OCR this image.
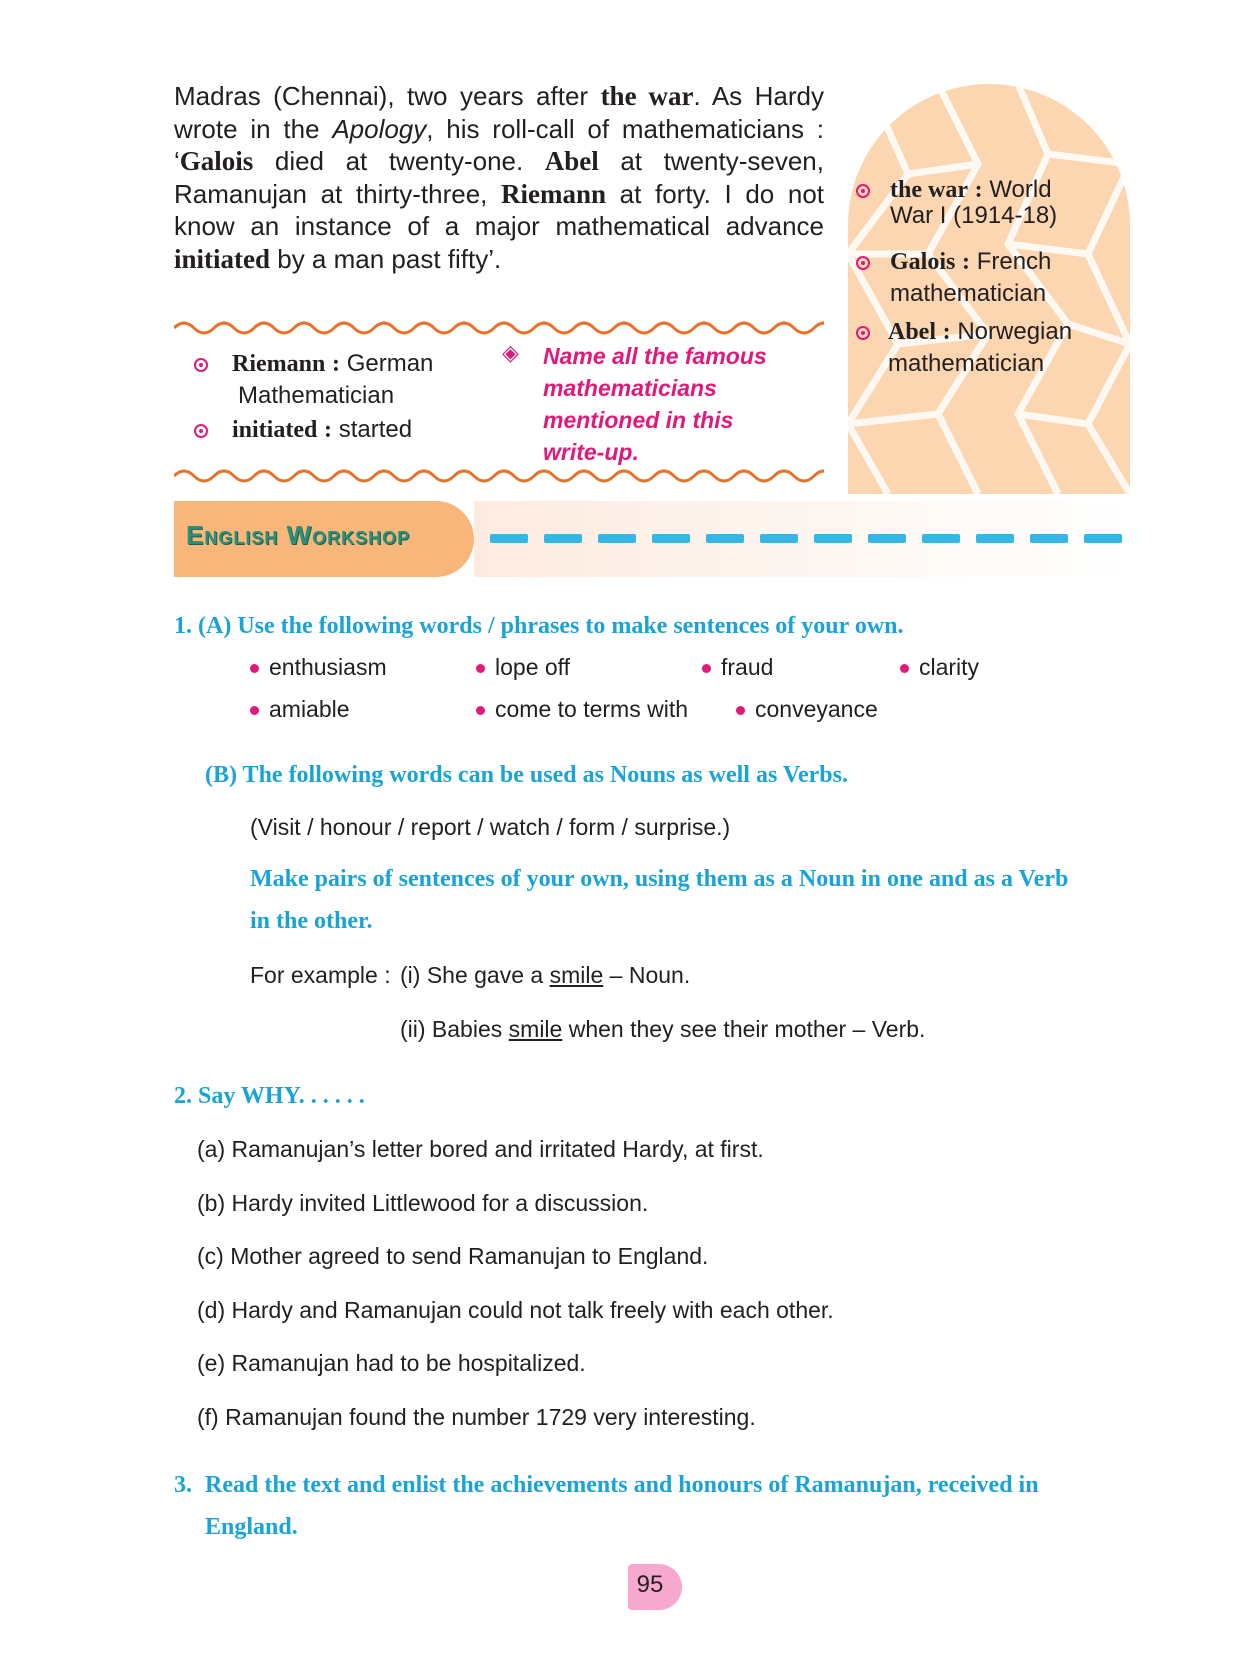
Madras (Chennai), two years after the war. As Hardy wrote in the Apology, his roll-call of mathematicians : ‘Galois died at twenty-one. Abel at twenty-seven, Ramanujan at thirty-three, Riemann at forty. I do not know an instance of a major mathematical advance initiated by a man past fifty’.
Riemann : German
Mathematician
initiated : started
◈ Name all the famous
mathematicians
mentioned in this
write-up.
the war : World
War I (1914-18)
Galois : French
mathematician
Abel : Norwegian
mathematician
English Workshop
1. (A) Use the following words / phrases to make sentences of your own.
enthusiasm	lope off	fraud	clarity
amiable	come to terms with	conveyance
(B) The following words can be used as Nouns as well as Verbs.
(Visit / honour / report / watch / form / surprise.)
Make pairs of sentences of your own, using them as a Noun in one and as a Verb
in the other.
For example : (i) She gave a smile – Noun.
(ii) Babies smile when they see their mother – Verb.
2. Say WHY. . . . . .
(a) Ramanujan’s letter bored and irritated Hardy, at first.
(b) Hardy invited Littlewood for a discussion.
(c) Mother agreed to send Ramanujan to England.
(d) Hardy and Ramanujan could not talk freely with each other.
(e) Ramanujan had to be hospitalized.
(f) Ramanujan found the number 1729 very interesting.
3. Read the text and enlist the achievements and honours of Ramanujan, received in
England.
95
